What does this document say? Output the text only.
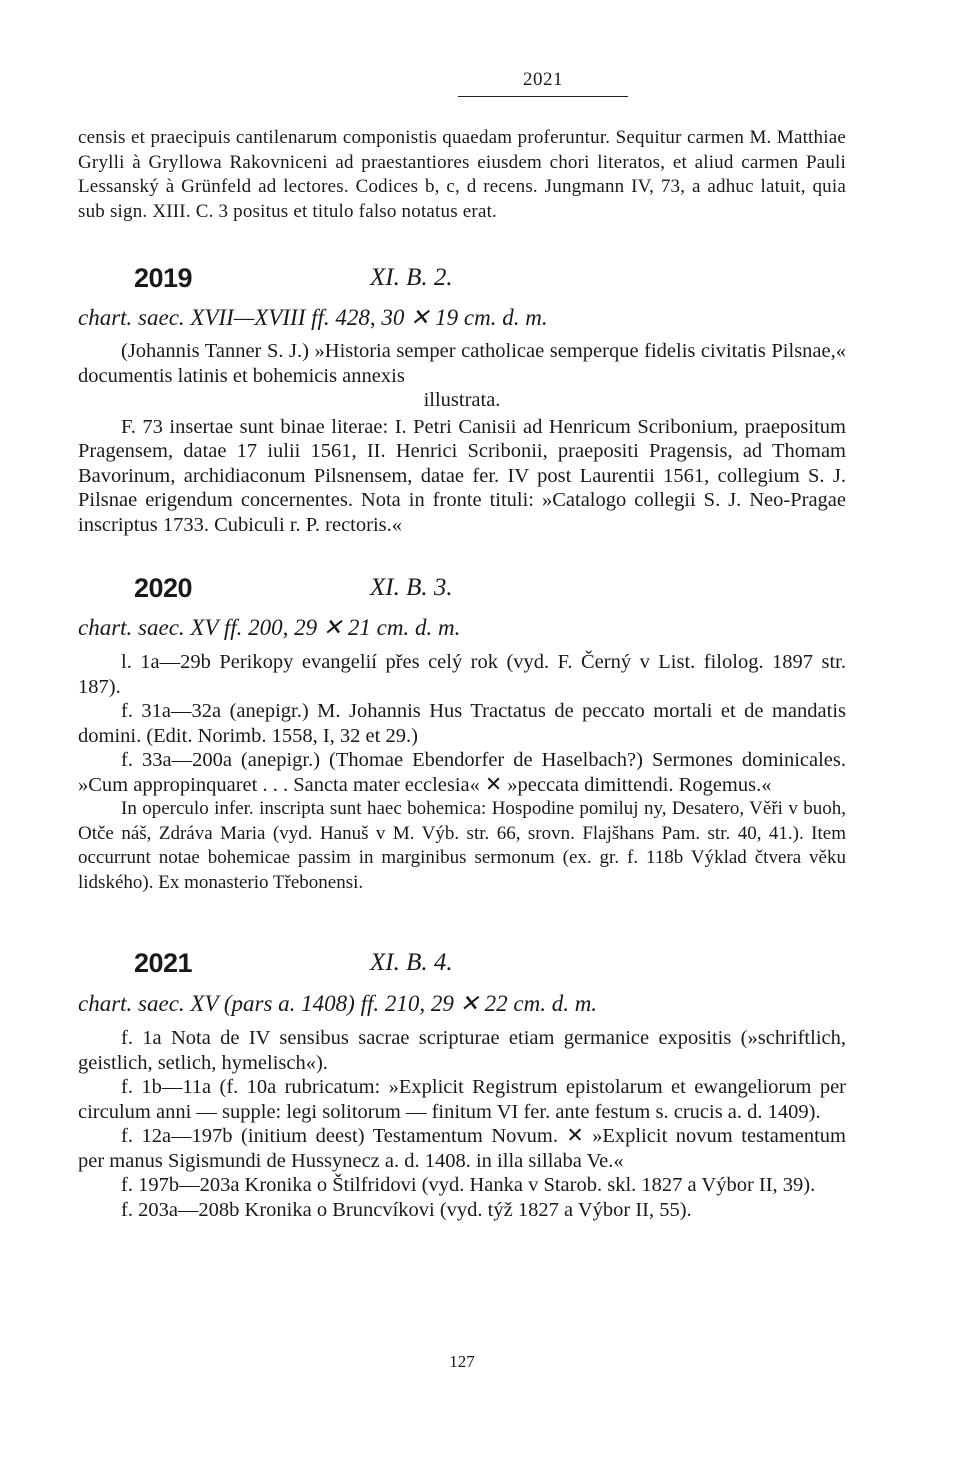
2021

censis et praecipuis cantilenarum componistis quaedam proferuntur. Sequitur carmen M. Matthiae Grylli à Gryllowa Rakovniceni ad praestantiores eiusdem chori literatos, et aliud carmen Pauli Lessanský à Grünfeld ad lectores. Codices b, c, d recens. Jungmann IV, 73, a adhuc latuit, quia sub sign. XIII. C. 3 positus et titulo falso notatus erat.

2019	XI. B. 2.
chart. saec. XVII—XVIII ff. 428, 30 ✕ 19 cm. d. m.

(Johannis Tanner S. J.) »Historia semper catholicae semperque fidelis civitatis Pilsnae,« documentis latinis et bohemicis annexis

illustrata.

F. 73 insertae sunt binae literae: I. Petri Canisii ad Henricum Scribonium, praepositum Pragensem, datae 17 iulii 1561, II. Henrici Scribonii, praepositi Pragensis, ad Thomam Bavorinum, archidiaconum Pilsnensem, datae fer. IV post Laurentii 1561, collegium S. J. Pilsnae erigendum concernentes. Nota in fronte tituli: »Catalogo collegii S. J. Neo-Pragae inscriptus 1733. Cubiculi r. P. rectoris.«

2020	XI. B. 3.
chart. saec. XV ff. 200, 29 ✕ 21 cm. d. m.

l. 1a—29b Perikopy evangelií přes celý rok (vyd. F. Černý v List. filolog. 1897 str. 187).

f. 31a—32a (anepigr.) M. Johannis Hus Tractatus de peccato mortali et de mandatis domini. (Edit. Norimb. 1558, I, 32 et 29.)

f. 33a—200a (anepigr.) (Thomae Ebendorfer de Haselbach?) Sermones dominicales. »Cum appropinquaret . . . Sancta mater ecclesia« ✕ »peccata dimittendi. Rogemus.«

In operculo infer. inscripta sunt haec bohemica: Hospodine pomiluj ny, Desatero, Věři v buoh, Otče náš, Zdráva Maria (vyd. Hanuš v M. Výb. str. 66, srovn. Flajšhans Pam. str. 40, 41.). Item occurrunt notae bohemicae passim in marginibus sermonum (ex. gr. f. 118b Výklad čtvera věku lidského). Ex monasterio Třebonensi.

2021	XI. B. 4.
chart. saec. XV (pars a. 1408) ff. 210, 29 ✕ 22 cm. d. m.

f. 1a Nota de IV sensibus sacrae scripturae etiam germanice expositis (»schriftlich, geistlich, setlich, hymelisch«).

f. 1b—11a (f. 10a rubricatum: »Explicit Registrum epistolarum et ewangeliorum per circulum anni — supple: legi solitorum — finitum VI fer. ante festum s. crucis a. d. 1409).

f. 12a—197b (initium deest) Testamentum Novum. ✕ »Explicit novum testamentum per manus Sigismundi de Hussynecz a. d. 1408. in illa sillaba Ve.«

f. 197b—203a Kronika o Štilfridovi (vyd. Hanka v Starob. skl. 1827 a Výbor II, 39).

f. 203a—208b Kronika o Bruncvíkovi (vyd. týž 1827 a Výbor II, 55).

127
